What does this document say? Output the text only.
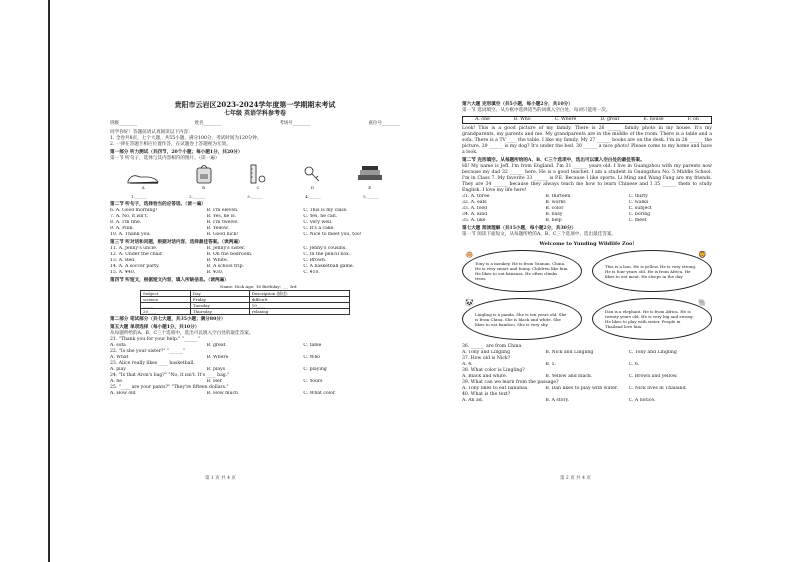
贵阳市云岩区2023-2024学年度第一学期期末考试
七年级 英语学科参考卷
班级________	姓名________	考场号________	座位号________
同学你好！答题前请认真阅读以下内容：
1. 全卷共8页，七个大题，共55小题，满分100分，考试时间为120分钟。
2. 一律在答题卡相应位置作答，在试题卷上答题视为无效。
第一部分 听力测试（共四节，20个小题；每小题1分，共20分）
第一节 听句子，选择与其内容相符的图片。（读一遍）
A	B	C	D	E
1.______	2.______	3.______	4.______	5.______
第二节 听句子，选择恰当的应答语。（读一遍）
6. A. Good morning!	B. I'm eleven.	C. This is my class.
7. A. No, it isn't.	B. Yes, he is.	C. Yes, he can.
8. A. I'm fine.	B. I'm twelve.	C. Very well.
9. A. Pink.	B. Yellow.	C. It's a cake.
10. A. Thank you.	B. Good luck!	C. Nice to meet you, too!
第三节 听对话和问题，根据对话内容，选择最佳答案。（读两遍）
11. A. Jenny's uncle.	B. Jenny's sister.	C. Jenny's cousins.
12. A. Under the chair.	B. On the bedroom.	C. In the pencil box.
13. A. Red.	B. White.	C. Brown.
14. A. A soccer party.	B. A school trip.	C. A basketball game.
15. A. ¥40.	B. ¥30.	C. ¥10.
第四节 听短文，根据短文内容，填入所缺信息。（读两遍）
Name: Nick Age: 16 Birthday: ___ 3rd
Subject	Day	Description (描述)
science	Friday	difficult
_____	Tuesday	19____
20____	Thursday	relaxing
第二部分 笔试部分（共七大题，共35小题；满分80分）
第五大题 单项选择（每小题1分，共10分）
从每题所给的A、B、C三个选项中，选出可以填入空白处的最佳答案。
21. "Thank you for your help." "______"
A. sofa	B. great	C. table
22. "Is she your sister?" "______"
A. What	B. Where	C. Who
23. Alice really likes ____ basketball.
A. play	B. plays	C. playing
24. "Is that Aron's bag?" "No, it isn't. It's ____ bag."
A. he	B. Her	C. Yours
25. "____ are your pants?" "They're fifteen dollars."
A. How old	B. How much	C. What color
第 1 页 共 4 页
第六大题 完形填空（共5小题，每小题2分，共10分）
第一节 选词填空。从方框中选择适当的词填入空白处，每词只能用一次。
A. one	B. Who	C. Where	D. great	E. house	F. on
Look! This is a good picture of my family. There is 26 ______ family photo in my house. It's my grandparents, my parents and me. My grandparents are in the middle of the room. There is a table and a sofa. There is a TV ____ the table. I like my family. My 27 ______ books are on the desk. I'm in 28 ______ the picture. 29 ______ is my dog? It's under the bed. 30 ______ a nice photo! Please come to my home and have a look.
第二节 完形填空。从每题所给的A、B、C三个选项中，选出可以填入空白处的最佳答案。
Hi! My name is Jeff. I'm from England. I'm 31 ______ years old. I live in Guangzhou with my parents now because my dad 32 ______ here. He is a good teacher. I am a student in Guangzhou No. 5 Middle School. I'm in Class 7. My favorite 33 ______ is P.E. Because I like sports. Li Ming and Wang Fang are my friends. They are 34 ______ because they always teach me how to learn Chinese and I 35 ______ them to study English. I love my life here!
31. A. three	B. thirteen	C. thirty
32. A. eats	B. works	C. walks
33. A. food	B. color	C. subject
34. A. kind	B. busy	C. boring
35. A. like	B. help	C. meet
第七大题 阅读理解（共15小题，每小题2分，共30分）
第一节 阅读下面短文，从每题所给的A、B、C三个选项中，选出最佳答案。
Welcome to Yunding Wildlife Zoo!
🐵
Tony is a monkey. He is from Yunnan, China. He is very smart and funny. Children like him. He likes to eat bananas. He often climbs trees.
🦁
This is a lion. He is yellow. He is very strong. He is four years old. He is from Africa. He likes to eat meat. He sleeps in the day.
🐼
Lingling is a panda. She is ten years old. She is from China. She is black and white. She likes to eat bamboo. She is very shy.
🐘
Dan is a elephant. He is from Africa. He is twenty years old. He is very big and strong. He likes to play with water. People in Thailand love him.
36. ______ are from China.
A. Tony and Lingling	B. Nick and Lingling	C. Tony and Lingling
37. How old is Nick?
A. 4.	B. 5.	C. 6.
38. What color is Lingling?
A. Black and white.	B. Yellow and black.	C. Brown and yellow.
39. What can we learn from the passage?
A. Tony likes to eat bananas.	B. Dan likes to play with water.	C. Nick lives in Thailand.
40. What is the text?
A. An ad.	B. A story.	C. A notice.
第 2 页 共 4 页
